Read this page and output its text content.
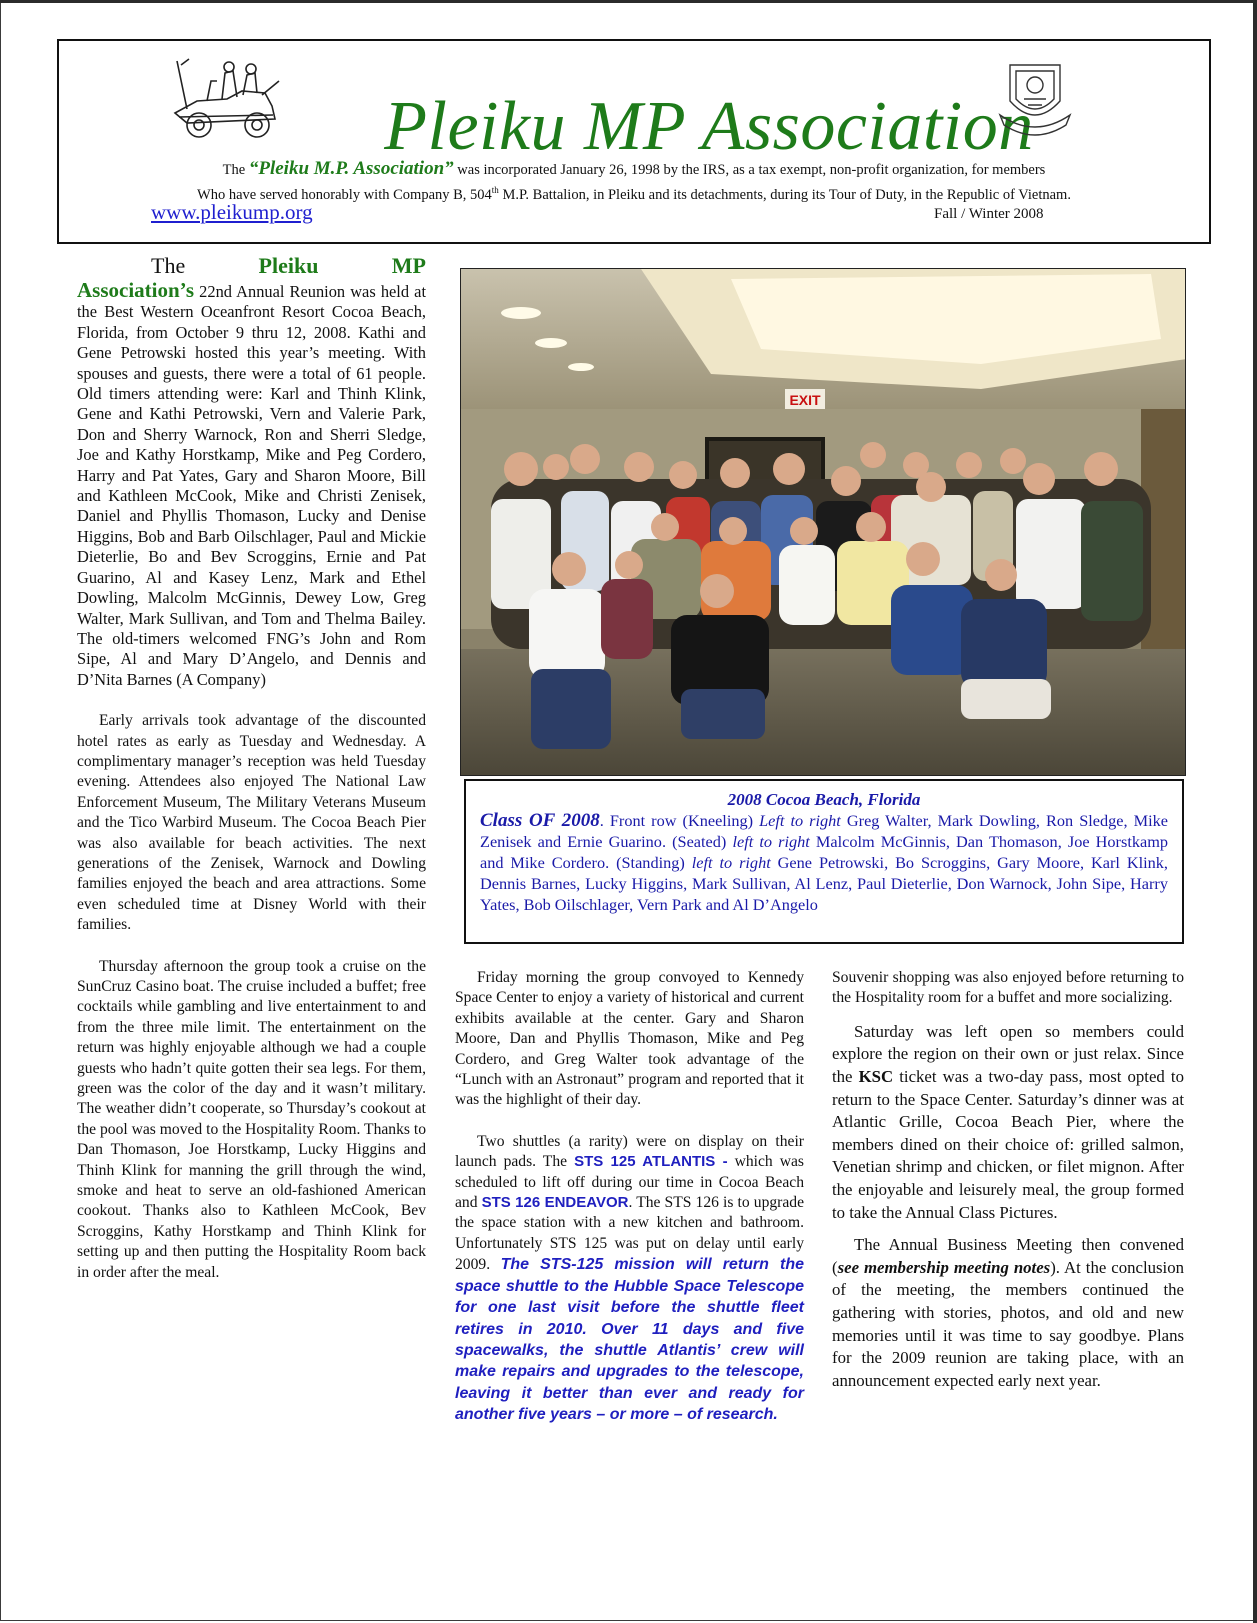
Pleiku MP Association

The “Pleiku M.P. Association” was incorporated January 26, 1998 by the IRS, as a tax exempt, non-profit organization, for members
Who have served honorably with Company B, 504th M.P. Battalion, in Pleiku and its detachments, during its Tour of Duty, in the Republic of Vietnam.

www.pleikump.org	Fall / Winter 2008
The	Pleiku	MP

Association’s 22nd Annual Reunion was held at the Best Western Oceanfront Resort Cocoa Beach, Florida, from October 9 thru 12, 2008. Kathi and Gene Petrowski hosted this year’s meeting. With spouses and guests, there were a total of 61 people. Old timers attending were: Karl and Thinh Klink, Gene and Kathi Petrowski, Vern and Valerie Park, Don and Sherry Warnock, Ron and Sherri Sledge, Joe and Kathy Horstkamp, Mike and Peg Cordero, Harry and Pat Yates, Gary and Sharon Moore, Bill and Kathleen McCook, Mike and Christi Zenisek, Daniel and Phyllis Thomason, Lucky and Denise Higgins, Bob and Barb Oilschlager, Paul and Mickie Dieterlie, Bo and Bev Scroggins, Ernie and Pat Guarino, Al and Kasey Lenz, Mark and Ethel Dowling, Malcolm McGinnis, Dewey Low, Greg Walter, Mark Sullivan, and Tom and Thelma Bailey. The old-timers welcomed FNG’s John and Rom Sipe, Al and Mary D’Angelo, and Dennis and D’Nita Barnes (A Company)

Early arrivals took advantage of the discounted hotel rates as early as Tuesday and Wednesday. A complimentary manager’s reception was held Tuesday evening. Attendees also enjoyed The National Law Enforcement Museum, The Military Veterans Museum and the Tico Warbird Museum. The Cocoa Beach Pier was also available for beach activities. The next generations of the Zenisek, Warnock and Dowling families enjoyed the beach and area attractions. Some even scheduled time at Disney World with their families.

Thursday afternoon the group took a cruise on the SunCruz Casino boat. The cruise included a buffet; free cocktails while gambling and live entertainment to and from the three mile limit. The entertainment on the return was highly enjoyable although we had a couple guests who hadn’t quite gotten their sea legs. For them, green was the color of the day and it wasn’t military. The weather didn’t cooperate, so Thursday’s cookout at the pool was moved to the Hospitality Room. Thanks to Dan Thomason, Joe Horstkamp, Lucky Higgins and Thinh Klink for manning the grill through the wind, smoke and heat to serve an old-fashioned American cookout. Thanks also to Kathleen McCook, Bev Scroggins, Kathy Horstkamp and Thinh Klink for setting up and then putting the Hospitality Room back in order after the meal.

EXIT

2008 Cocoa Beach, Florida

Class OF 2008. Front row (Kneeling) Left to right Greg Walter, Mark Dowling, Ron Sledge, Mike Zenisek and Ernie Guarino. (Seated) left to right Malcolm McGinnis, Dan Thomason, Joe Horstkamp and Mike Cordero. (Standing) left to right Gene Petrowski, Bo Scroggins, Gary Moore, Karl Klink, Dennis Barnes, Lucky Higgins, Mark Sullivan, Al Lenz, Paul Dieterlie, Don Warnock, John Sipe, Harry Yates, Bob Oilschlager, Vern Park and Al D’Angelo

Friday morning the group convoyed to Kennedy Space Center to enjoy a variety of historical and current exhibits available at the center. Gary and Sharon Moore, Dan and Phyllis Thomason, Mike and Peg Cordero, and Greg Walter took advantage of the “Lunch with an Astronaut” program and reported that it was the highlight of their day.

Two shuttles (a rarity) were on display on their launch pads. The STS 125 ATLANTIS - which was scheduled to lift off during our time in Cocoa Beach and STS 126 ENDEAVOR. The STS 126 is to upgrade the space station with a new kitchen and bathroom. Unfortunately STS 125 was put on delay until early 2009. The STS-125 mission will return the space shuttle to the Hubble Space Telescope for one last visit before the shuttle fleet retires in 2010. Over 11 days and five spacewalks, the shuttle Atlantis’ crew will make repairs and upgrades to the telescope, leaving it better than ever and ready for another five years – or more – of research.

Souvenir shopping was also enjoyed before returning to the Hospitality room for a buffet and more socializing.

Saturday was left open so members could explore the region on their own or just relax. Since the KSC ticket was a two-day pass, most opted to return to the Space Center. Saturday’s dinner was at Atlantic Grille, Cocoa Beach Pier, where the members dined on their choice of: grilled salmon, Venetian shrimp and chicken, or filet mignon. After the enjoyable and leisurely meal, the group formed to take the Annual Class Pictures.

The Annual Business Meeting then convened (see membership meeting notes). At the conclusion of the meeting, the members continued the gathering with stories, photos, and old and new memories until it was time to say goodbye. Plans for the 2009 reunion are taking place, with an announcement expected early next year.
